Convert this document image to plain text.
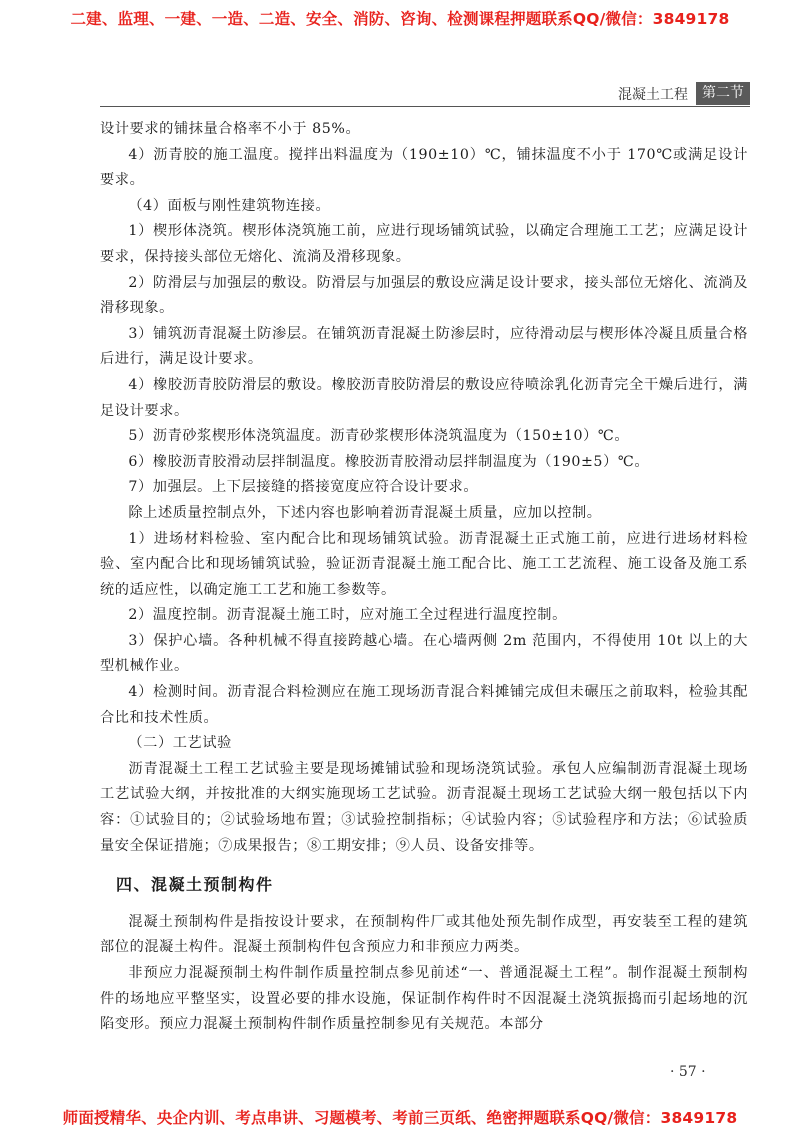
二建、监理、一建、一造、二造、安全、消防、咨询、检测课程押题联系QQ/微信：3849178
混凝土工程	第二节

设计要求的铺抹量合格率不小于 85%。

4）沥青胶的施工温度。搅拌出料温度为（190±10）℃，铺抹温度不小于 170℃或满足设计要求。

（4）面板与刚性建筑物连接。

1）楔形体浇筑。楔形体浇筑施工前，应进行现场铺筑试验，以确定合理施工工艺；应满足设计要求，保持接头部位无熔化、流淌及滑移现象。

2）防滑层与加强层的敷设。防滑层与加强层的敷设应满足设计要求，接头部位无熔化、流淌及滑移现象。

3）铺筑沥青混凝土防渗层。在铺筑沥青混凝土防渗层时，应待滑动层与楔形体冷凝且质量合格后进行，满足设计要求。

4）橡胶沥青胶防滑层的敷设。橡胶沥青胶防滑层的敷设应待喷涂乳化沥青完全干燥后进行，满足设计要求。

5）沥青砂浆楔形体浇筑温度。沥青砂浆楔形体浇筑温度为（150±10）℃。

6）橡胶沥青胶滑动层拌制温度。橡胶沥青胶滑动层拌制温度为（190±5）℃。

7）加强层。上下层接缝的搭接宽度应符合设计要求。

除上述质量控制点外，下述内容也影响着沥青混凝土质量，应加以控制。

1）进场材料检验、室内配合比和现场铺筑试验。沥青混凝土正式施工前，应进行进场材料检验、室内配合比和现场铺筑试验，验证沥青混凝土施工配合比、施工工艺流程、施工设备及施工系统的适应性，以确定施工工艺和施工参数等。

2）温度控制。沥青混凝土施工时，应对施工全过程进行温度控制。

3）保护心墙。各种机械不得直接跨越心墙。在心墙两侧 2m 范围内，不得使用 10t 以上的大型机械作业。

4）检测时间。沥青混合料检测应在施工现场沥青混合料摊铺完成但未碾压之前取料，检验其配合比和技术性质。

（二）工艺试验

沥青混凝土工程工艺试验主要是现场摊铺试验和现场浇筑试验。承包人应编制沥青混凝土现场工艺试验大纲，并按批准的大纲实施现场工艺试验。沥青混凝土现场工艺试验大纲一般包括以下内容：①试验目的；②试验场地布置；③试验控制指标；④试验内容；⑤试验程序和方法；⑥试验质量安全保证措施；⑦成果报告；⑧工期安排；⑨人员、设备安排等。

四、混凝土预制构件

混凝土预制构件是指按设计要求，在预制构件厂或其他处预先制作成型，再安装至工程的建筑部位的混凝土构件。混凝土预制构件包含预应力和非预应力两类。

非预应力混凝预制土构件制作质量控制点参见前述“一、普通混凝土工程”。制作混凝土预制构件的场地应平整坚实，设置必要的排水设施，保证制作构件时不因混凝土浇筑振捣而引起场地的沉陷变形。预应力混凝土预制构件制作质量控制参见有关规范。本部分

· 57 ·
师面授精华、央企内训、考点串讲、习题模考、考前三页纸、绝密押题联系QQ/微信：3849178
